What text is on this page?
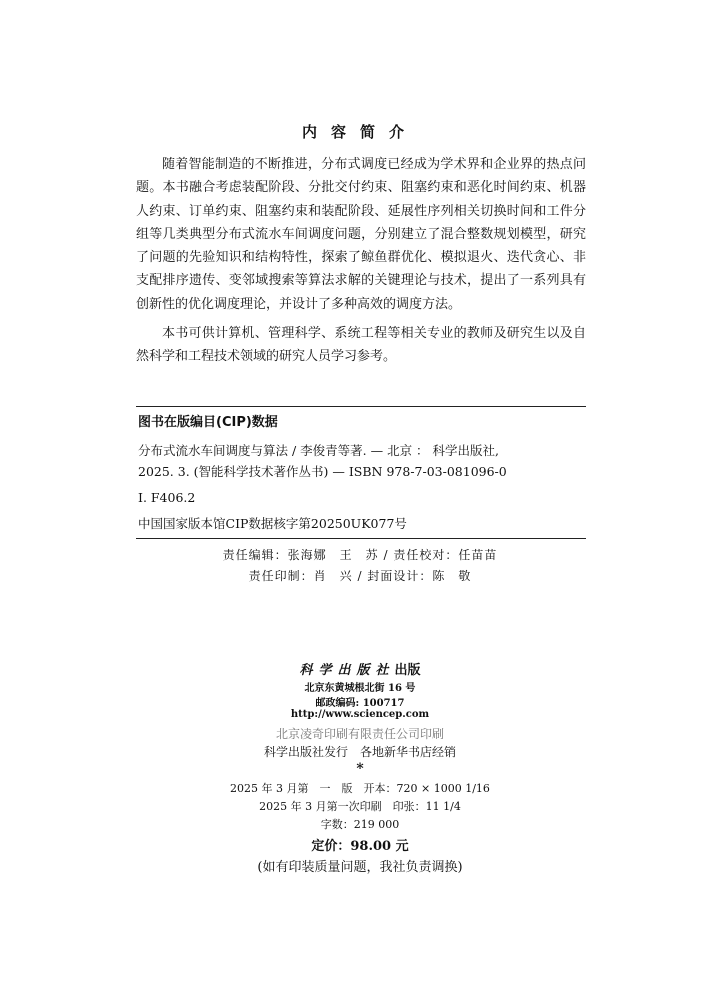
内容简介

随着智能制造的不断推进，分布式调度已经成为学术界和企业界的热点问题。本书融合考虑装配阶段、分批交付约束、阻塞约束和恶化时间约束、机器人约束、订单约束、阻塞约束和装配阶段、延展性序列相关切换时间和工件分组等几类典型分布式流水车间调度问题，分别建立了混合整数规划模型，研究了问题的先验知识和结构特性，探索了鲸鱼群优化、模拟退火、迭代贪心、非支配排序遗传、变邻域搜索等算法求解的关键理论与技术，提出了一系列具有创新性的优化调度理论，并设计了多种高效的调度方法。

本书可供计算机、管理科学、系统工程等相关专业的教师及研究生以及自然科学和工程技术领域的研究人员学习参考。

图书在版编目(CIP)数据
分布式流水车间调度与算法 / 李俊青等著. — 北京 ： 科学出版社,
2025. 3. (智能科学技术著作丛书) — ISBN 978-7-03-081096-0
Ⅰ. F406.2
中国国家版本馆CIP数据核字第20250UK077号
责任编辑：张海娜　王　苏 / 责任校对：任苗苗
责任印制：肖　兴 / 封面设计：陈　敬
科学出版社出版
北京东黄城根北街 16 号
邮政编码: 100717
http://www.sciencep.com
北京凌奇印刷有限责任公司印刷
科学出版社发行　各地新华书店经销
*
2025 年 3 月第　一　版　开本：720 × 1000 1/16
2025 年 3 月第一次印刷　印张：11 1/4
字数：219 000
定价：98.00 元
(如有印装质量问题，我社负责调换)
